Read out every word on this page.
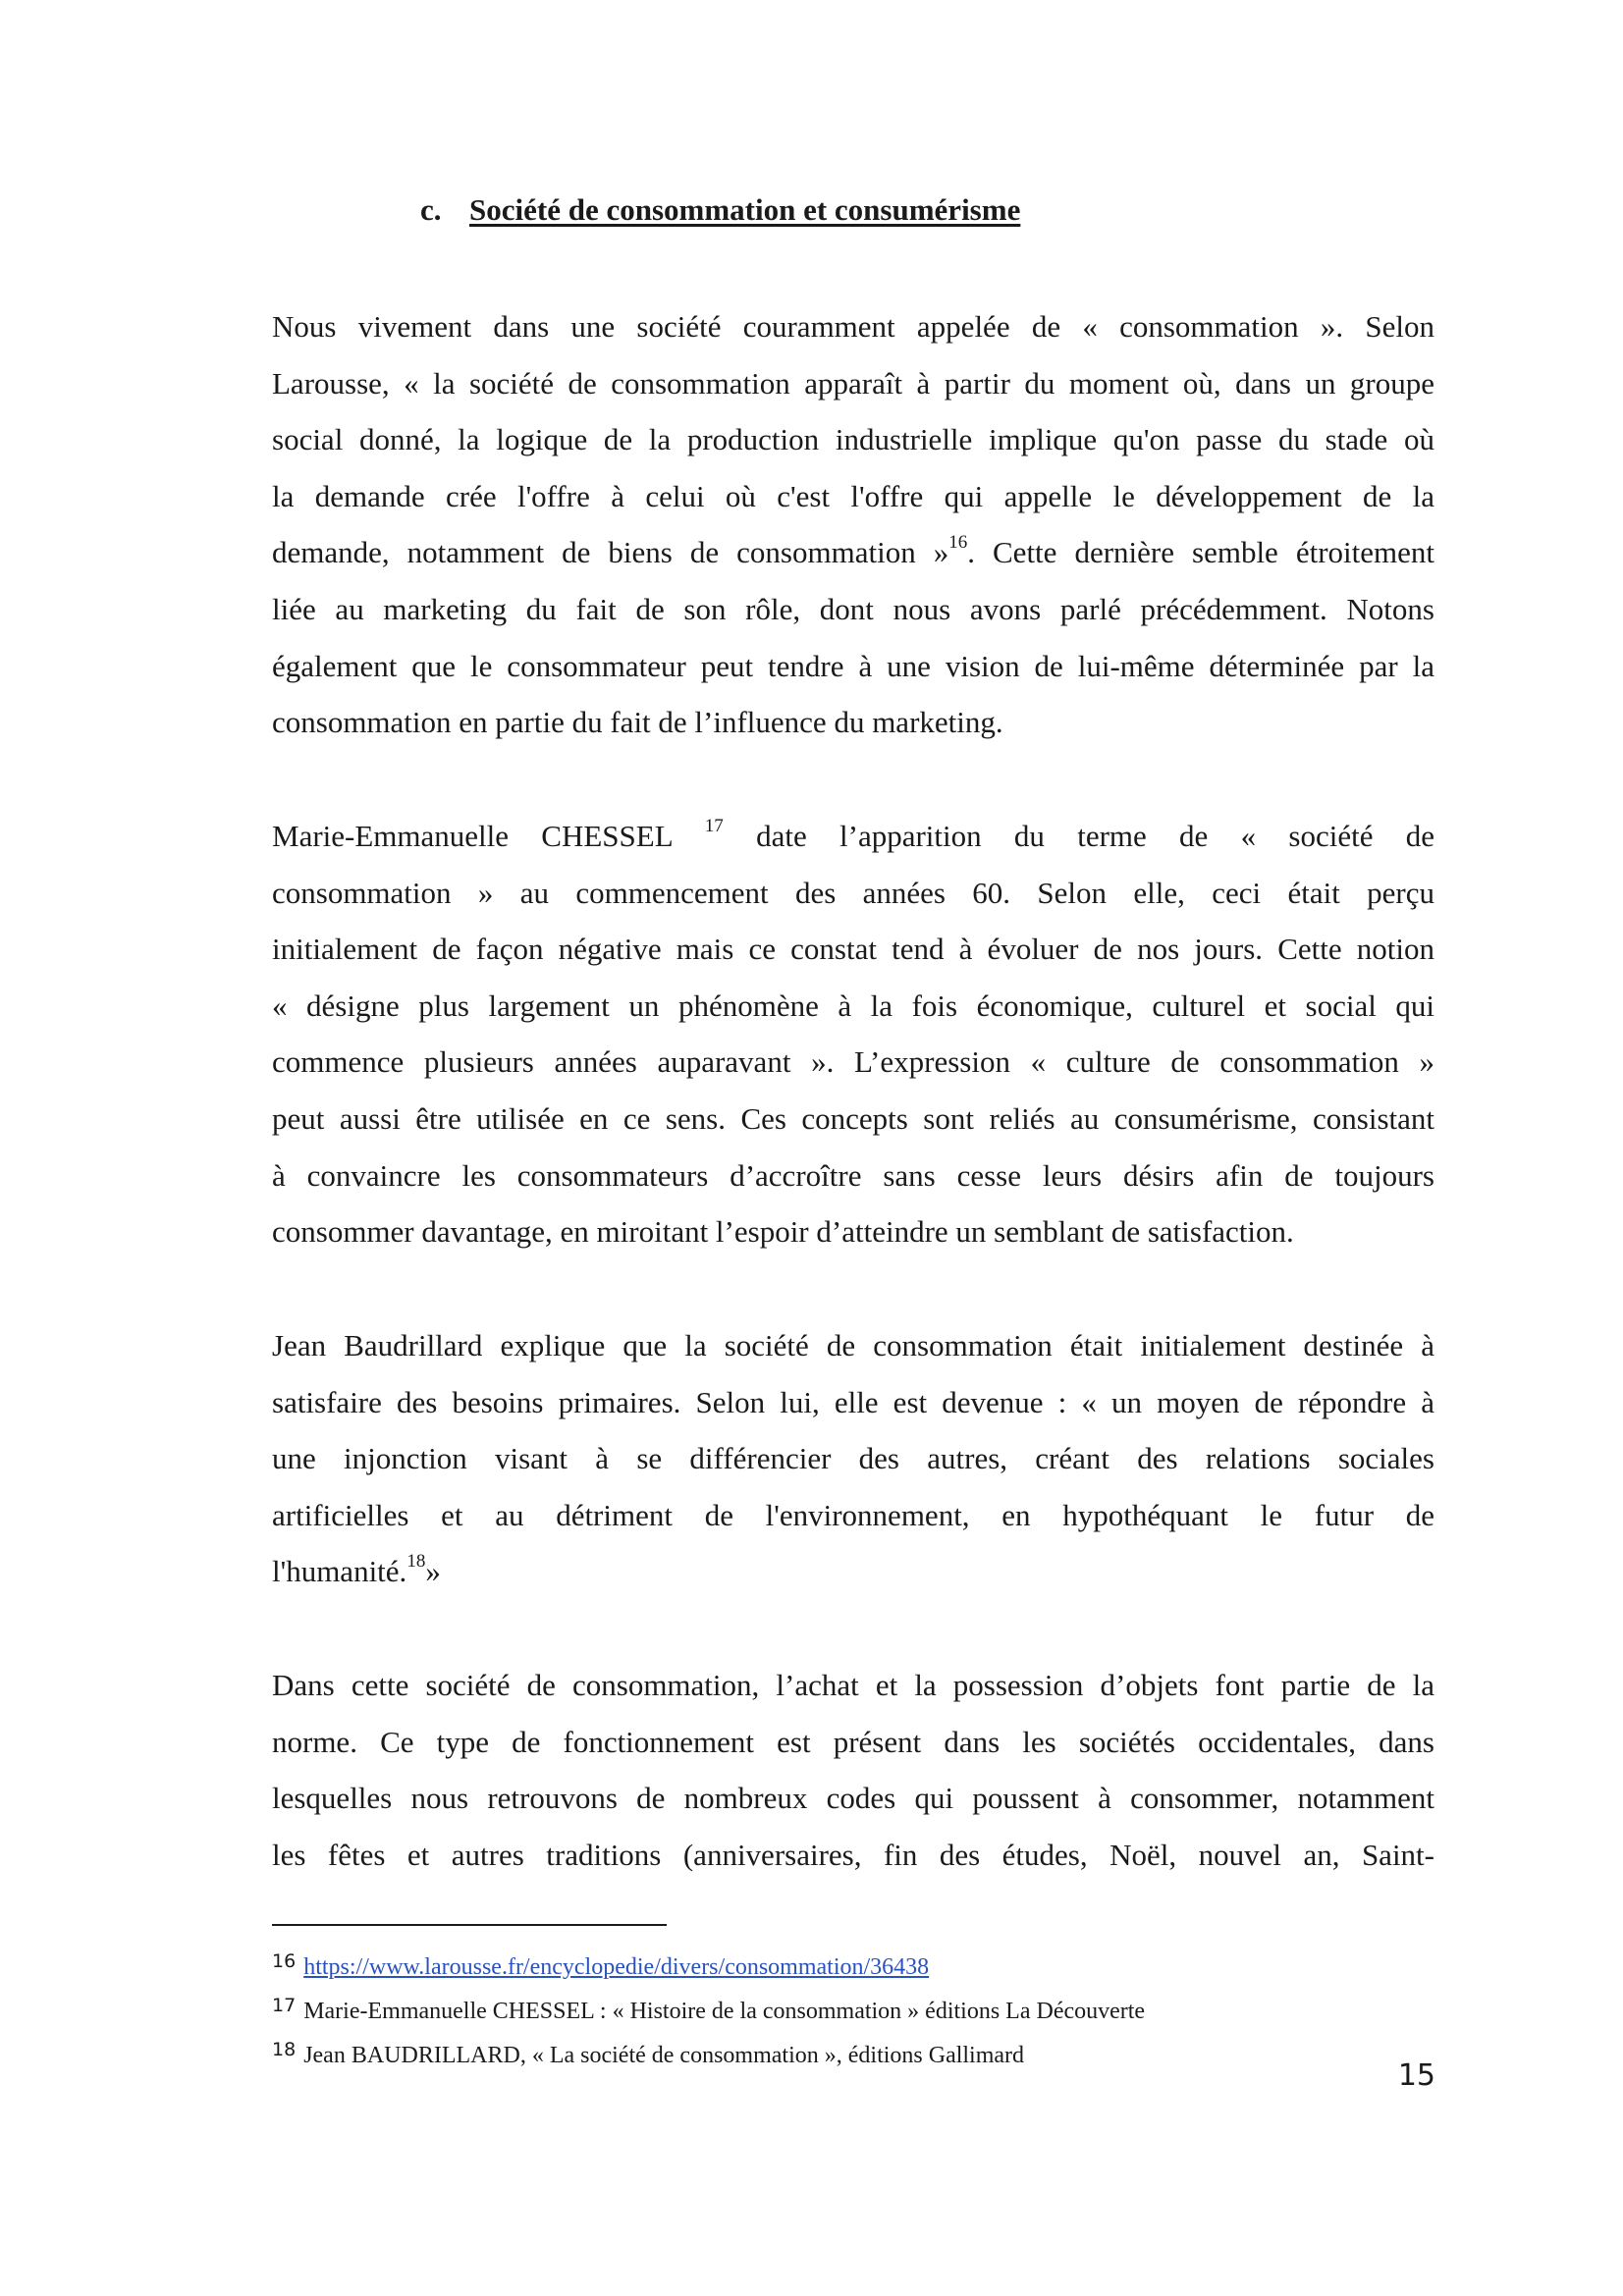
c. Société de consommation et consumérisme
Nous vivement dans une société couramment appelée de « consommation ». Selon
Larousse, « la société de consommation apparaît à partir du moment où, dans un groupe
social donné, la logique de la production industrielle implique qu'on passe du stade où
la demande crée l'offre à celui où c'est l'offre qui appelle le développement de la
demande, notamment de biens de consommation »$^{16}$. Cette dernière semble étroitement
liée au marketing du fait de son rôle, dont nous avons parlé précédemment. Notons
également que le consommateur peut tendre à une vision de lui-même déterminée par la
consommation en partie du fait de l’influence du marketing.
Marie-Emmanuelle CHESSEL $^{17}$ date l’apparition du terme de « société de
consommation » au commencement des années 60. Selon elle, ceci était perçu
initialement de façon négative mais ce constat tend à évoluer de nos jours. Cette notion
« désigne plus largement un phénomène à la fois économique, culturel et social qui
commence plusieurs années auparavant ». L’expression « culture de consommation »
peut aussi être utilisée en ce sens. Ces concepts sont reliés au consumérisme, consistant
à convaincre les consommateurs d’accroître sans cesse leurs désirs afin de toujours
consommer davantage, en miroitant l’espoir d’atteindre un semblant de satisfaction.
Jean Baudrillard explique que la société de consommation était initialement destinée à
satisfaire des besoins primaires. Selon lui, elle est devenue : « un moyen de répondre à
une injonction visant à se différencier des autres, créant des relations sociales
artificielles et au détriment de l'environnement, en hypothéquant le futur de
l'humanité.$^{18}$»
Dans cette société de consommation, l’achat et la possession d’objets font partie de la
norme. Ce type de fonctionnement est présent dans les sociétés occidentales, dans
lesquelles nous retrouvons de nombreux codes qui poussent à consommer, notamment
les fêtes et autres traditions (anniversaires, fin des études, Noël, nouvel an, Saint-
$^{16}$ https://www.larousse.fr/encyclopedie/divers/consommation/36438
$^{17}$ Marie-Emmanuelle CHESSEL : « Histoire de la consommation » éditions La Découverte
$^{18}$ Jean BAUDRILLARD, « La société de consommation », éditions Gallimard
15
